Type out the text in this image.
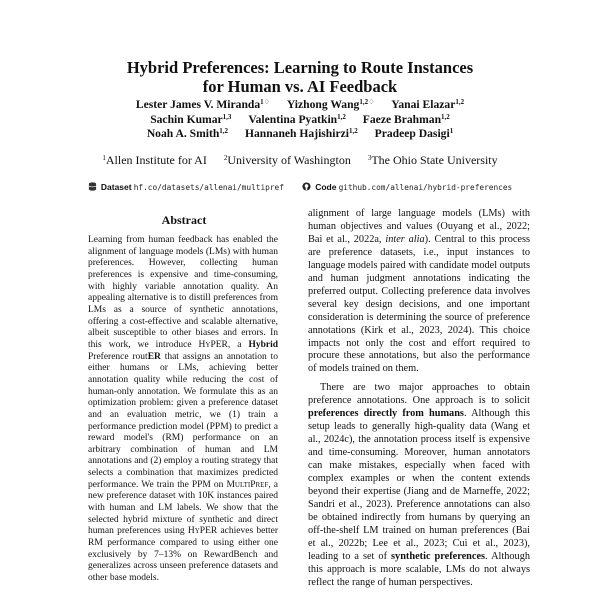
Hybrid Preferences: Learning to Route Instances
for Human vs. AI Feedback
Lester James V. Miranda$^{1♢}$ Yizhong Wang$^{1,2♢}$ Yanai Elazar$^{1,2}$
Sachin Kumar$^{1,3}$ Valentina Pyatkin$^{1,2}$ Faeze Brahman$^{1,2}$
Noah A. Smith$^{1,2}$ Hannaneh Hajishirzi$^{1,2}$ Pradeep Dasigi$^1$
$^1$Allen Institute for AI $^2$University of Washington $^3$The Ohio State University
Dataset hf.co/datasets/allenai/multipref	Code github.com/allenai/hybrid-preferences
Abstract

Learning from human feedback has enabled the alignment of language models (LMs) with human preferences. However, collecting human preferences is expensive and time-consuming, with highly variable annotation quality. An appealing alternative is to distill preferences from LMs as a source of synthetic annotations, offering a cost-effective and scalable alternative, albeit susceptible to other biases and errors. In this work, we introduce HyPER, a Hybrid Preference routER that assigns an annotation to either humans or LMs, achieving better annotation quality while reducing the cost of human-only annotation. We formulate this as an optimization problem: given a preference dataset and an evaluation metric, we (1) train a performance prediction model (PPM) to predict a reward model's (RM) performance on an arbitrary combination of human and LM annotations and (2) employ a routing strategy that selects a combination that maximizes predicted performance. We train the PPM on MultiPref, a new preference dataset with 10K instances paired with human and LM labels. We show that the selected hybrid mixture of synthetic and direct human preferences using HyPER achieves better RM performance compared to using either one exclusively by 7–13% on RewardBench and generalizes across unseen preference datasets and other base models.

alignment of large language models (LMs) with human objectives and values (Ouyang et al., 2022; Bai et al., 2022a, inter alia). Central to this process are preference datasets, i.e., input instances to language models paired with candidate model outputs and human judgment annotations indicating the preferred output. Collecting preference data involves several key design decisions, and one important consideration is determining the source of preference annotations (Kirk et al., 2023, 2024). This choice impacts not only the cost and effort required to procure these annotations, but also the performance of models trained on them.

There are two major approaches to obtain preference annotations. One approach is to solicit preferences directly from humans. Although this setup leads to generally high-quality data (Wang et al., 2024c), the annotation process itself is expensive and time-consuming. Moreover, human annotators can make mistakes, especially when faced with complex examples or when the content extends beyond their expertise (Jiang and de Marneffe, 2022; Sandri et al., 2023). Preference annotations can also be obtained indirectly from humans by querying an off-the-shelf LM trained on human preferences (Bai et al., 2022b; Lee et al., 2023; Cui et al., 2023), leading to a set of synthetic preferences. Although this approach is more scalable, LMs do not always reflect the range of human perspectives.
